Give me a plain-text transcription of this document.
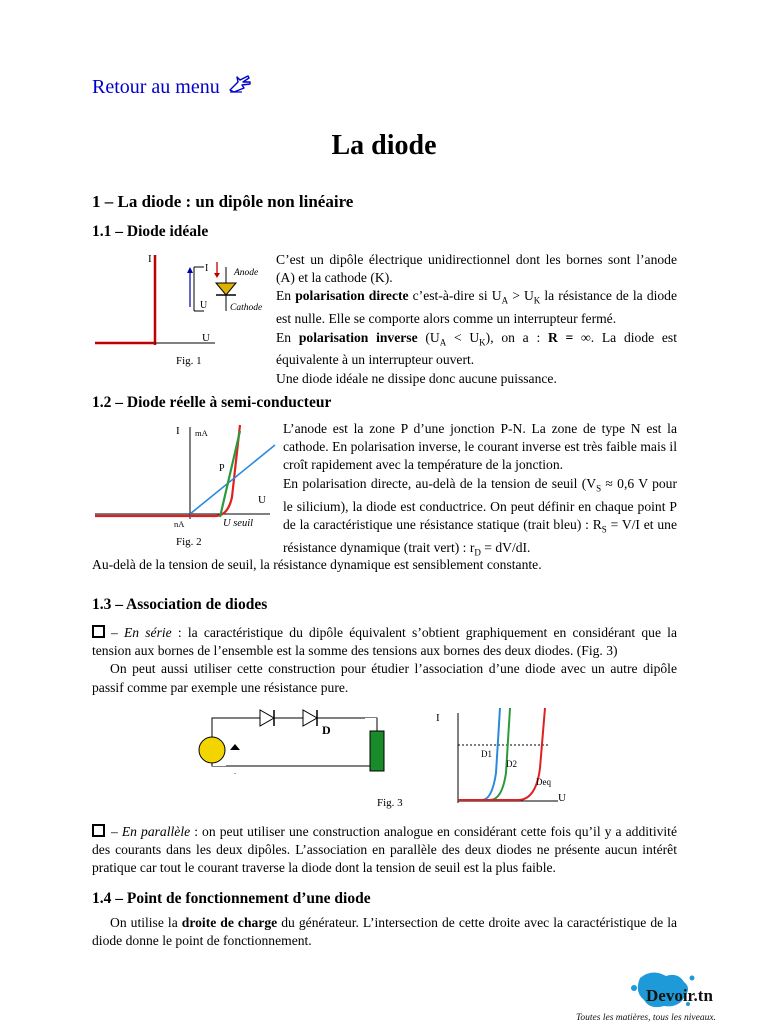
Retour au menu
La diode
1 – La diode : un dipôle non linéaire
1.1 – Diode idéale
I
U
I	Anode
U Cathode
Fig. 1
C’est un dipôle électrique unidirectionnel dont les bornes sont l’anode (A) et la cathode (K).
En polarisation directe c’est-à-dire si $U_A > U_K$ la résistance de la diode est nulle. Elle se comporte alors comme un interrupteur fermé.
En polarisation inverse $(U_A < U_K)$, on a : R = ∞. La diode est équivalente à un interrupteur ouvert.
Une diode idéale ne dissipe donc aucune puissance.
1.2 – Diode réelle à semi-conducteur
I mA
P
U
nA	U seuil
Fig. 2
L’anode est la zone P d’une jonction P-N. La zone de type N est la cathode. En polarisation inverse, le courant inverse est très faible mais il croît rapidement avec la température de la jonction.
En polarisation directe, au-delà de la tension de seuil ($V_S \approx 0,6$ V pour le silicium), la diode est conductrice. On peut définir en chaque point P de la caractéristique une résistance statique (trait bleu) : $R_S = V/I$ et une résistance dynamique (trait vert) : $r_D = dV/dI$.
Au-delà de la tension de seuil, la résistance dynamique est sensiblement constante.
1.3 – Association de diodes
– En série : la caractéristique du dipôle équivalent s’obtient graphiquement en considérant que la tension aux bornes de l’ensemble est la somme des tensions aux bornes des deux diodes. (Fig. 3)
On peut aussi utiliser cette construction pour étudier l’association d’une diode avec un autre dipôle passif comme par exemple une résistance pure.
.
D
I
U
D1
D2
Deq
Fig. 3
– En parallèle : on peut utiliser une construction analogue en considérant cette fois qu’il y a additivité des courants dans les deux dipôles. L’association en parallèle des deux diodes ne présente aucun intérêt pratique car tout le courant traverse la diode dont la tension de seuil est la plus faible.
1.4 – Point de fonctionnement d’une diode
On utilise la droite de charge du générateur. L’intersection de cette droite avec la caractéristique de la diode donne le point de fonctionnement.
Devoir.tn
Toutes les matières, tous les niveaux.
